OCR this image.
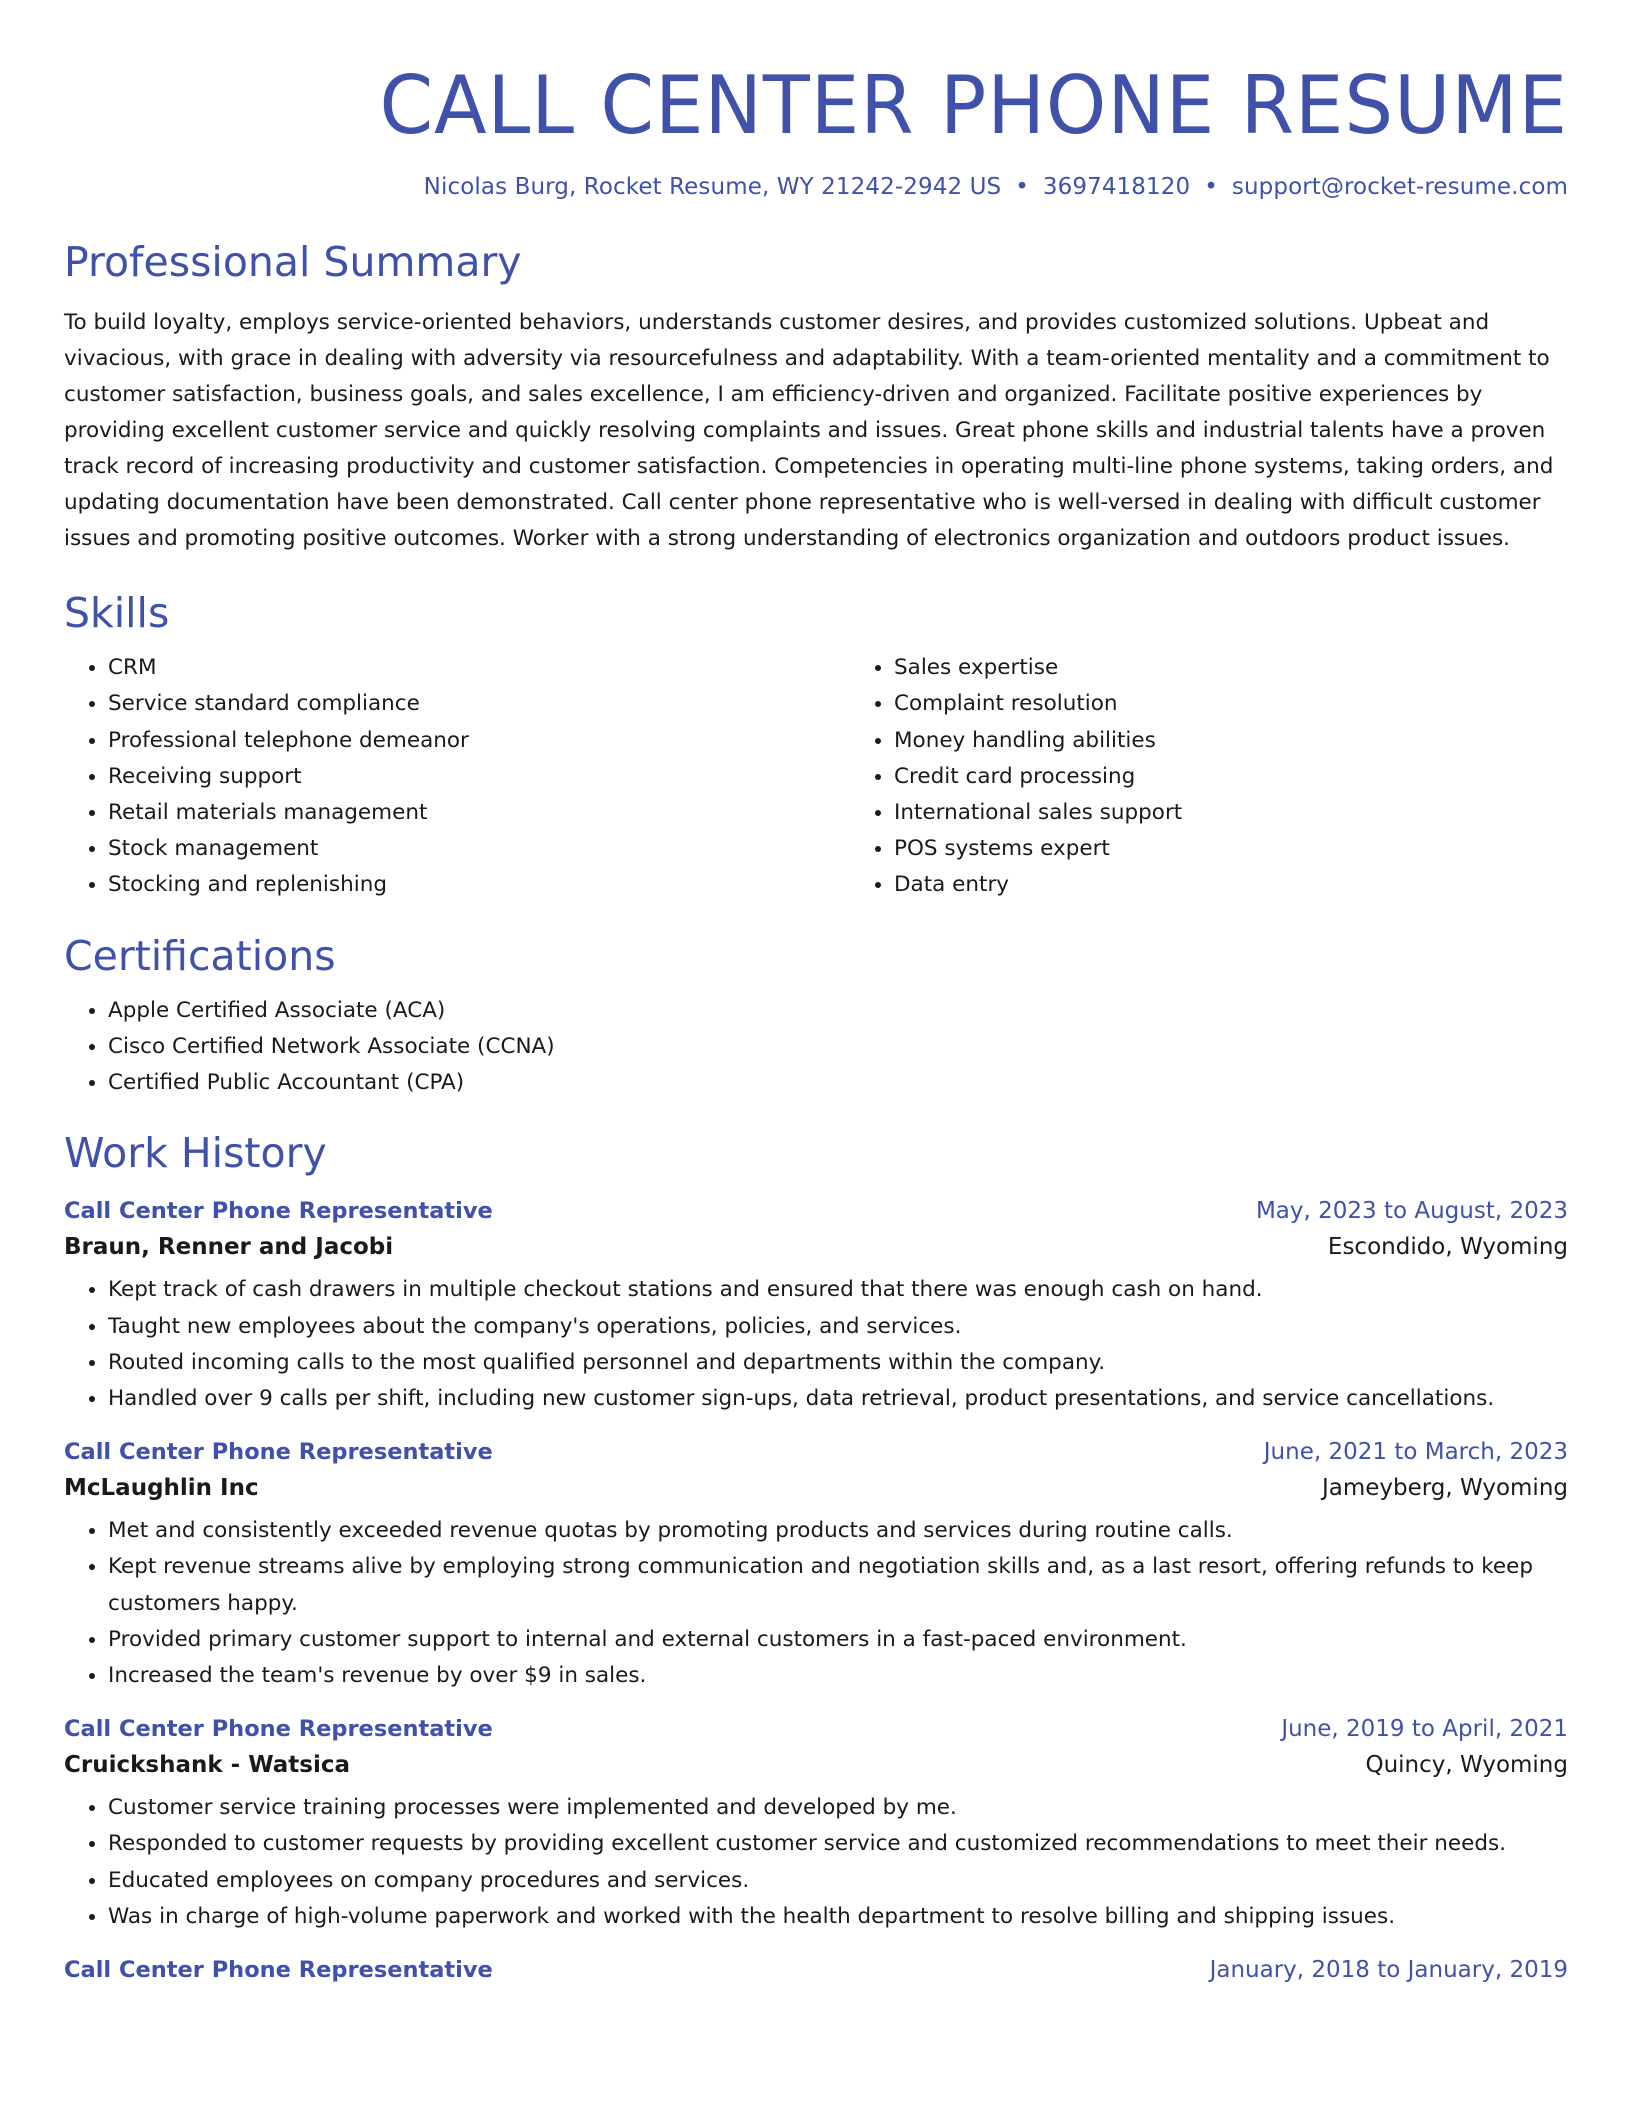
CALL CENTER PHONE RESUME
Nicolas Burg, Rocket Resume, WY 21242-2942 US • 3697418120 • support@rocket-resume.com
Professional Summary
To build loyalty, employs service-oriented behaviors, understands customer desires, and provides customized solutions. Upbeat and vivacious, with grace in dealing with adversity via resourcefulness and adaptability. With a team-oriented mentality and a commitment to customer satisfaction, business goals, and sales excellence, I am efficiency-driven and organized. Facilitate positive experiences by providing excellent customer service and quickly resolving complaints and issues. Great phone skills and industrial talents have a proven track record of increasing productivity and customer satisfaction. Competencies in operating multi-line phone systems, taking orders, and updating documentation have been demonstrated. Call center phone representative who is well-versed in dealing with difficult customer issues and promoting positive outcomes. Worker with a strong understanding of electronics organization and outdoors product issues.
Skills
• CRM
• Service standard compliance
• Professional telephone demeanor
• Receiving support
• Retail materials management
• Stock management
• Stocking and replenishing
• Sales expertise
• Complaint resolution
• Money handling abilities
• Credit card processing
• International sales support
• POS systems expert
• Data entry
Certifications
• Apple Certified Associate (ACA)
• Cisco Certified Network Associate (CCNA)
• Certified Public Accountant (CPA)
Work History
Call Center Phone Representative	May, 2023 to August, 2023
Braun, Renner and Jacobi	Escondido, Wyoming
• Kept track of cash drawers in multiple checkout stations and ensured that there was enough cash on hand.
• Taught new employees about the company's operations, policies, and services.
• Routed incoming calls to the most qualified personnel and departments within the company.
• Handled over 9 calls per shift, including new customer sign-ups, data retrieval, product presentations, and service cancellations.
Call Center Phone Representative	June, 2021 to March, 2023
McLaughlin Inc	Jameyberg, Wyoming
• Met and consistently exceeded revenue quotas by promoting products and services during routine calls.
• Kept revenue streams alive by employing strong communication and negotiation skills and, as a last resort, offering refunds to keep customers happy.
• Provided primary customer support to internal and external customers in a fast-paced environment.
• Increased the team's revenue by over $9 in sales.
Call Center Phone Representative	June, 2019 to April, 2021
Cruickshank - Watsica	Quincy, Wyoming
• Customer service training processes were implemented and developed by me.
• Responded to customer requests by providing excellent customer service and customized recommendations to meet their needs.
• Educated employees on company procedures and services.
• Was in charge of high-volume paperwork and worked with the health department to resolve billing and shipping issues.
Call Center Phone Representative	January, 2018 to January, 2019
